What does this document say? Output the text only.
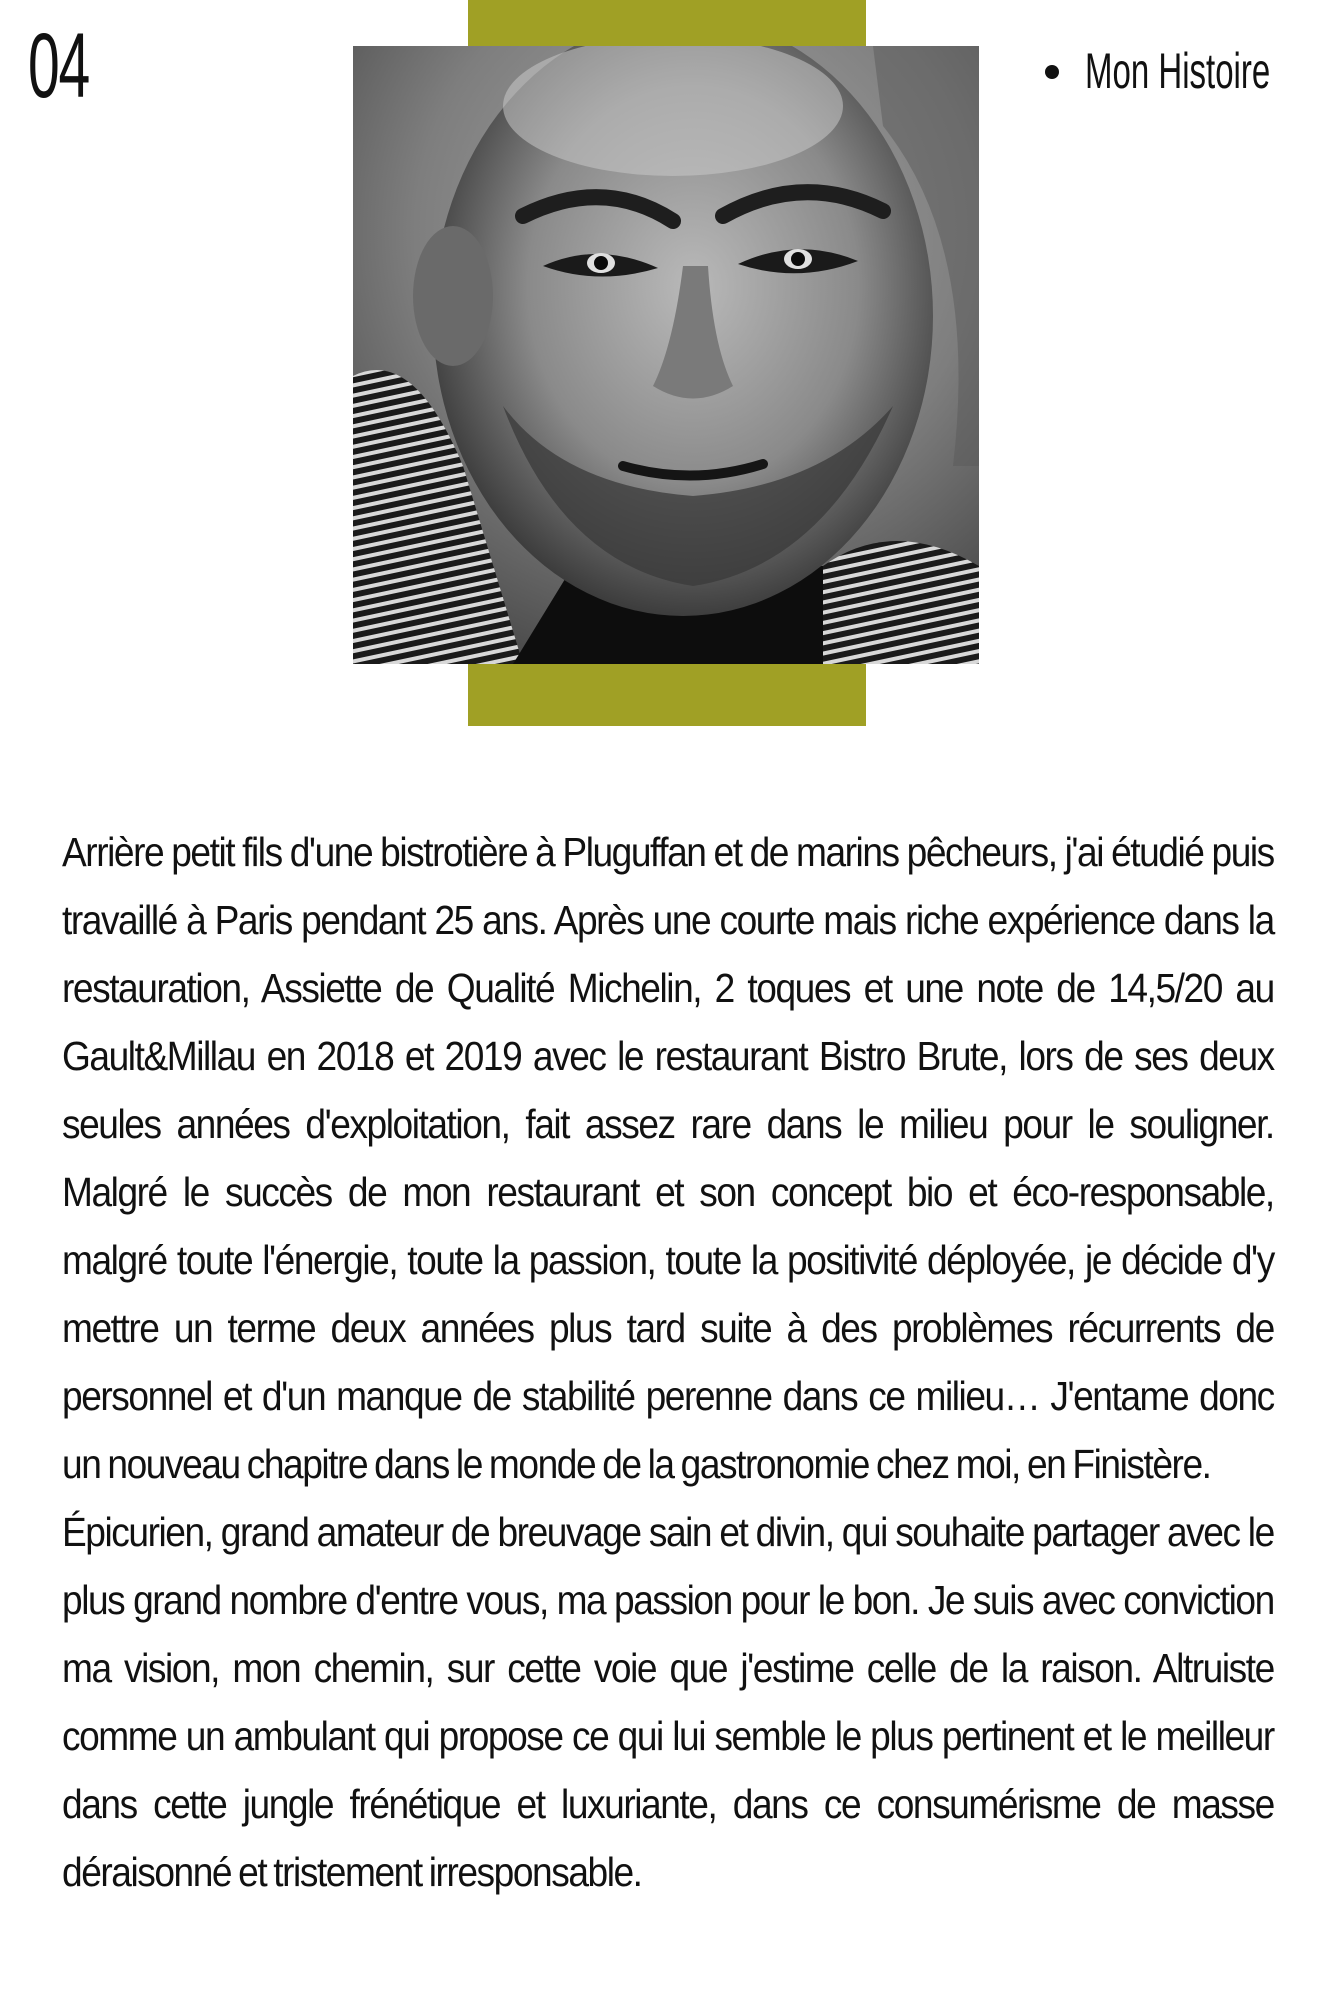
04	Mon Histoire

Arrière petit fils d'une bistrotière à Pluguffan et de marins pêcheurs, j'ai étudié puis travaillé à Paris pendant 25 ans. Après une courte mais riche expérience dans la restauration, Assiette de Qualité Michelin, 2 toques et une note de 14,5/20 au Gault&Millau en 2018 et 2019 avec le restaurant Bistro Brute, lors de ses deux seules années d'exploitation, fait assez rare dans le milieu pour le souligner. Malgré le succès de mon restaurant et son concept bio et éco-responsable, malgré toute l'énergie, toute la passion, toute la positivité déployée, je décide d'y mettre un terme deux années plus tard suite à des problèmes récurrents de personnel et d'un manque de stabilité perenne dans ce milieu… J'entame donc un nouveau chapitre dans le monde de la gastronomie chez moi, en Finistère.

Épicurien, grand amateur de breuvage sain et divin, qui souhaite partager avec le plus grand nombre d'entre vous, ma passion pour le bon. Je suis avec conviction ma vision, mon chemin, sur cette voie que j'estime celle de la raison. Altruiste comme un ambulant qui propose ce qui lui semble le plus pertinent et le meilleur dans cette jungle frénétique et luxuriante, dans ce consumérisme de masse déraisonné et tristement irresponsable.
